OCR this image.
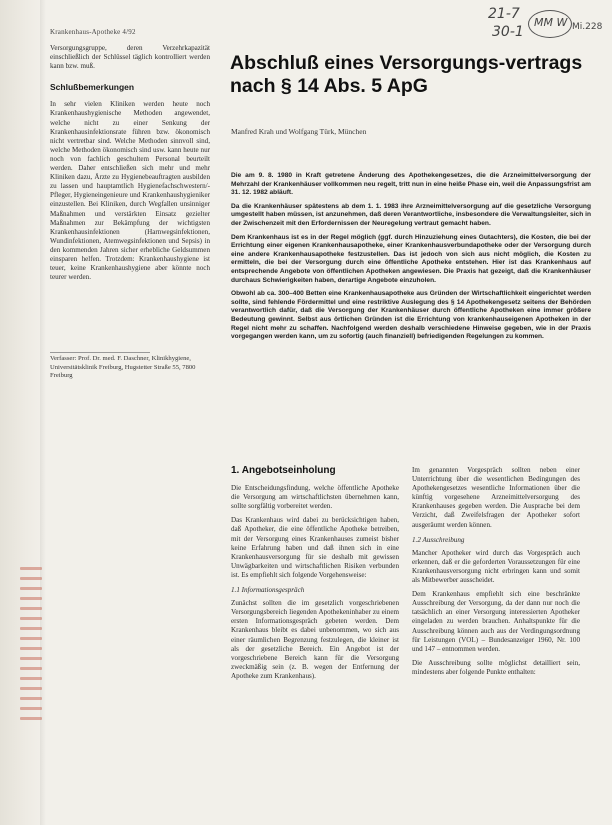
Krankenhaus-Apotheke 4/92
21-7
30-1
MM W Mi.228

Versorgungsgruppe, deren Verzehrkapazität einschließlich der Schlüssel täglich kontrolliert werden kann bzw. muß.

Schlußbemerkungen

In sehr vielen Kliniken werden heute noch Krankenhaushygienische Methoden angewendet, welche nicht zu einer Senkung der Krankenhausinfektionsrate führen bzw. ökonomisch nicht vertretbar sind. Welche Methoden sinnvoll sind, welche Methoden ökonomisch sind usw. kann heute nur noch von fachlich geschultem Personal beurteilt werden. Daher entschließen sich mehr und mehr Kliniken dazu, Ärzte zu Hygienebeauftragten ausbilden zu lassen und hauptamtlich Hygienefachschwestern/-Pfleger, Hygieneingenieure und Krankenhaushygieniker einzustellen. Bei Kliniken, durch Wegfallen unsinniger Maßnahmen und verstärkten Einsatz gezielter Maßnahmen zur Bekämpfung der wichtigsten Krankenhausinfektionen (Harnwegsinfektionen, Wundinfektionen, Atemwegsinfektionen und Sepsis) in den kommenden Jahren sicher erhebliche Geldsummen einsparen helfen. Trotzdem: Krankenhaushygiene ist teuer, keine Krankenhaushygiene aber könnte noch teurer werden.

Verfasser: Prof. Dr. med. F. Daschner, Klinikhygiene, Universitätsklinik Freiburg, Hugstetter Straße 55, 7800 Freiburg
Abschluß eines Versorgungs-vertrags nach § 14 Abs. 5 ApG
Manfred Krah und Wolfgang Türk, München

Die am 9. 8. 1980 in Kraft getretene Änderung des Apothekengesetzes, die die Arzneimittelversorgung der Mehrzahl der Krankenhäuser vollkommen neu regelt, tritt nun in eine heiße Phase ein, weil die Anpassungsfrist am 31. 12. 1982 abläuft.

Da die Krankenhäuser spätestens ab dem 1. 1. 1983 ihre Arzneimittelversorgung auf die gesetzliche Versorgung umgestellt haben müssen, ist anzunehmen, daß deren Verantwortliche, insbesondere die Verwaltungsleiter, sich in der Zwischenzeit mit den Erfordernissen der Neuregelung vertraut gemacht haben.

Dem Krankenhaus ist es in der Regel möglich (ggf. durch Hinzuziehung eines Gutachters), die Kosten, die bei der Errichtung einer eigenen Krankenhausapotheke, einer Krankenhausverbundapotheke oder der Versorgung durch eine andere Krankenhausapotheke festzustellen. Das ist jedoch von sich aus nicht möglich, die Kosten zu ermitteln, die bei der Versorgung durch eine öffentliche Apotheke entstehen. Hier ist das Krankenhaus auf entsprechende Angebote von öffentlichen Apotheken angewiesen. Die Praxis hat gezeigt, daß die Krankenhäuser durchaus Schwierigkeiten haben, derartige Angebote einzuholen.

Obwohl ab ca. 300–400 Betten eine Krankenhausapotheke aus Gründen der Wirtschaftlichkeit eingerichtet werden sollte, sind fehlende Fördermittel und eine restriktive Auslegung des § 14 Apothekengesetz seitens der Behörden verantwortlich dafür, daß die Versorgung der Krankenhäuser durch öffentliche Apotheken eine immer größere Bedeutung gewinnt. Selbst aus örtlichen Gründen ist die Errichtung von krankenhauseigenen Apotheken in der Regel nicht mehr zu schaffen. Nachfolgend werden deshalb verschiedene Hinweise gegeben, wie in der Praxis vorgegangen werden kann, um zu sofortig (auch finanziell) befriedigenden Regelungen zu kommen.

1. Angebotseinholung

Die Entscheidungsfindung, welche öffentliche Apotheke die Versorgung am wirtschaftlichsten übernehmen kann, sollte sorgfältig vorbereitet werden.

Das Krankenhaus wird dabei zu berücksichtigen haben, daß Apotheker, die eine öffentliche Apotheke betreiben, mit der Versorgung eines Krankenhauses zumeist bisher keine Erfahrung haben und daß ihnen sich in eine Krankenhausversorgung für sie deshalb mit gewissen Unwägbarkeiten und wirtschaftlichen Risiken verbunden ist. Es empfiehlt sich folgende Vorgehensweise:

1.1 Informationsgespräch

Zunächst sollten die im gesetzlich vorgeschriebenen Versorgungsbereich liegenden Apothekeninhaber zu einem ersten Informationsgespräch gebeten werden. Dem Krankenhaus bleibt es dabei unbenommen, wo sich aus einer räumlichen Begrenzung festzulegen, die kleiner ist als der gesetzliche Bereich. Ein Angebot ist der vorgeschriebene Bereich kann für die Versorgung zweckmäßig sein (z. B. wegen der Entfernung der Apotheke zum Krankenhaus).

Im genannten Vorgespräch sollten neben einer Unterrichtung über die wesentlichen Bedingungen des Apothekengesetzes wesentliche Informationen über die künftig vorgesehene Arzneimittelversorgung des Krankenhauses gegeben werden. Die Ausprache bei dem Verzicht, daß Zweifelsfragen der Apotheker sofort ausgeräumt werden können.

1.2 Ausschreibung

Mancher Apotheker wird durch das Vorgespräch auch erkennen, daß er die geforderten Voraussetzungen für eine Krankenhausversorgung nicht erbringen kann und somit als Mitbewerber ausscheidet.

Dem Krankenhaus empfiehlt sich eine beschränkte Ausschreibung der Versorgung, da der dann nur noch die tatsächlich an einer Versorgung interessierten Apotheker eingeladen zu werden brauchen. Anhaltspunkte für die Ausschreibung können auch aus der Verdingungsordnung für Leistungen (VOL) – Bundesanzeiger 1960, Nr. 100 und 147 – entnommen werden.

Die Ausschreibung sollte möglichst detailliert sein, mindestens aber folgende Punkte enthalten:
